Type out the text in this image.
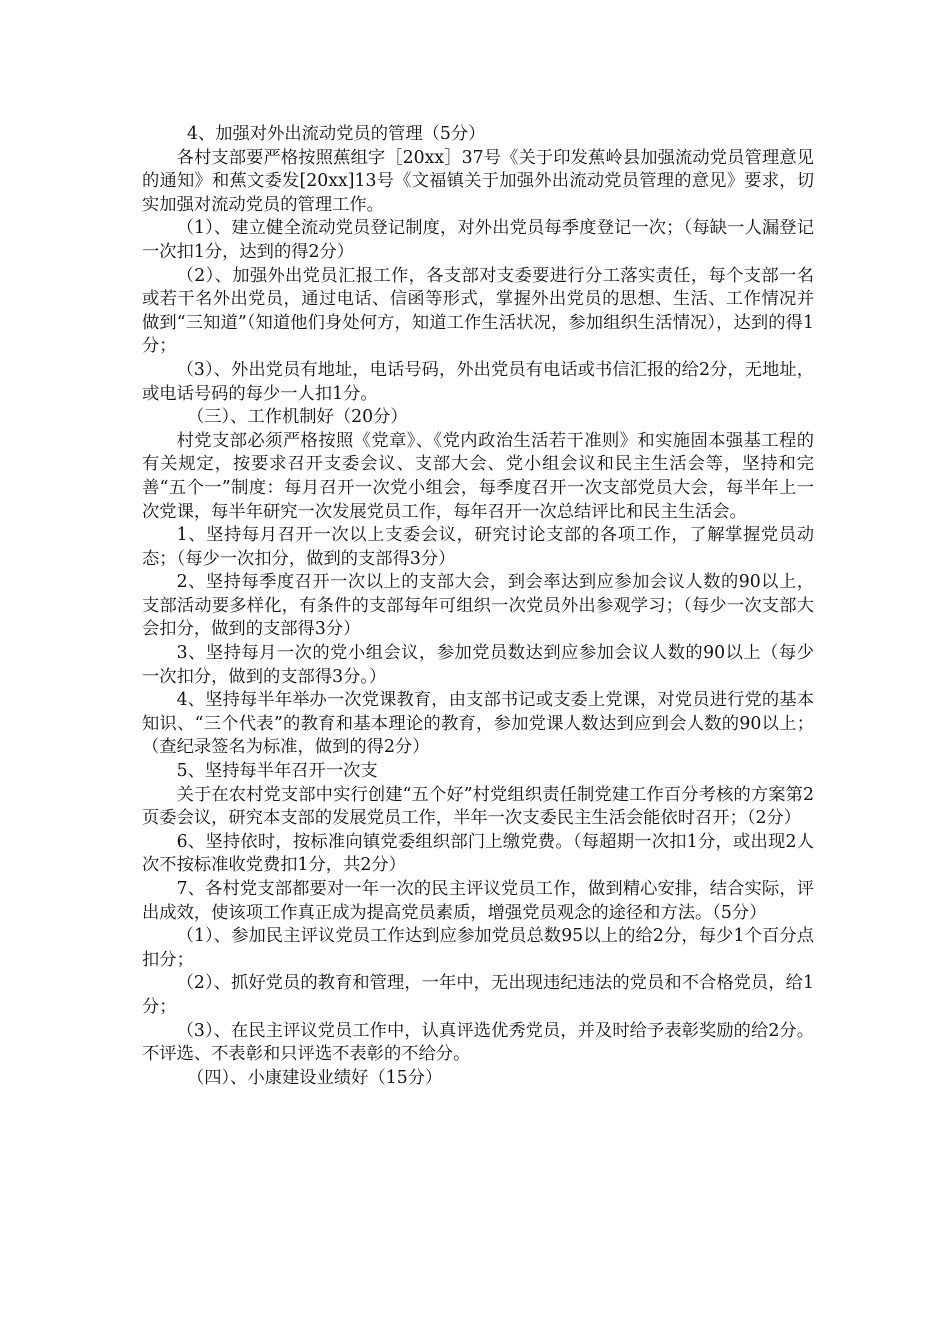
4、加强对外出流动党员的管理（5分）

各村支部要严格按照蕉组字［20xx］37号《关于印发蕉岭县加强流动党员管理意见的通知》和蕉文委发[20xx]13号《文福镇关于加强外出流动党员管理的意见》要求，切实加强对流动党员的管理工作。

（1）、建立健全流动党员登记制度，对外出党员每季度登记一次；（每缺一人漏登记一次扣1分，达到的得2分）

（2）、加强外出党员汇报工作，各支部对支委要进行分工落实责任，每个支部一名或若干名外出党员，通过电话、信函等形式，掌握外出党员的思想、生活、工作情况并做到“三知道”（知道他们身处何方，知道工作生活状况，参加组织生活情况），达到的得1分；

（3）、外出党员有地址，电话号码，外出党员有电话或书信汇报的给2分，无地址，或电话号码的每少一人扣1分。

（三）、工作机制好（20分）

村党支部必须严格按照《党章》、《党内政治生活若干准则》和实施固本强基工程的有关规定，按要求召开支委会议、支部大会、党小组会议和民主生活会等，坚持和完善“五个一”制度：每月召开一次党小组会，每季度召开一次支部党员大会，每半年上一次党课，每半年研究一次发展党员工作，每年召开一次总结评比和民主生活会。

1、坚持每月召开一次以上支委会议，研究讨论支部的各项工作，了解掌握党员动态；（每少一次扣分，做到的支部得3分）

2、坚持每季度召开一次以上的支部大会，到会率达到应参加会议人数的90以上，支部活动要多样化，有条件的支部每年可组织一次党员外出参观学习；（每少一次支部大会扣分，做到的支部得3分）

3、坚持每月一次的党小组会议，参加党员数达到应参加会议人数的90以上（每少一次扣分，做到的支部得3分。）

4、坚持每半年举办一次党课教育，由支部书记或支委上党课，对党员进行党的基本知识、“三个代表”的教育和基本理论的教育，参加党课人数达到应到会人数的90以上；（查纪录签名为标准，做到的得2分）

5、坚持每半年召开一次支

关于在农村党支部中实行创建“五个好”村党组织责任制党建工作百分考核的方案第2页委会议，研究本支部的发展党员工作，半年一次支委民主生活会能依时召开；（2分）

6、坚持依时，按标准向镇党委组织部门上缴党费。（每超期一次扣1分，或出现2人次不按标准收党费扣1分，共2分）

7、各村党支部都要对一年一次的民主评议党员工作，做到精心安排，结合实际，评出成效，使该项工作真正成为提高党员素质，增强党员观念的途径和方法。（5分）

（1）、参加民主评议党员工作达到应参加党员总数95以上的给2分，每少1个百分点扣分；

（2）、抓好党员的教育和管理，一年中，无出现违纪违法的党员和不合格党员，给1分；

（3）、在民主评议党员工作中，认真评选优秀党员，并及时给予表彰奖励的给2分。不评选、不表彰和只评选不表彰的不给分。

（四）、小康建设业绩好（15分）
